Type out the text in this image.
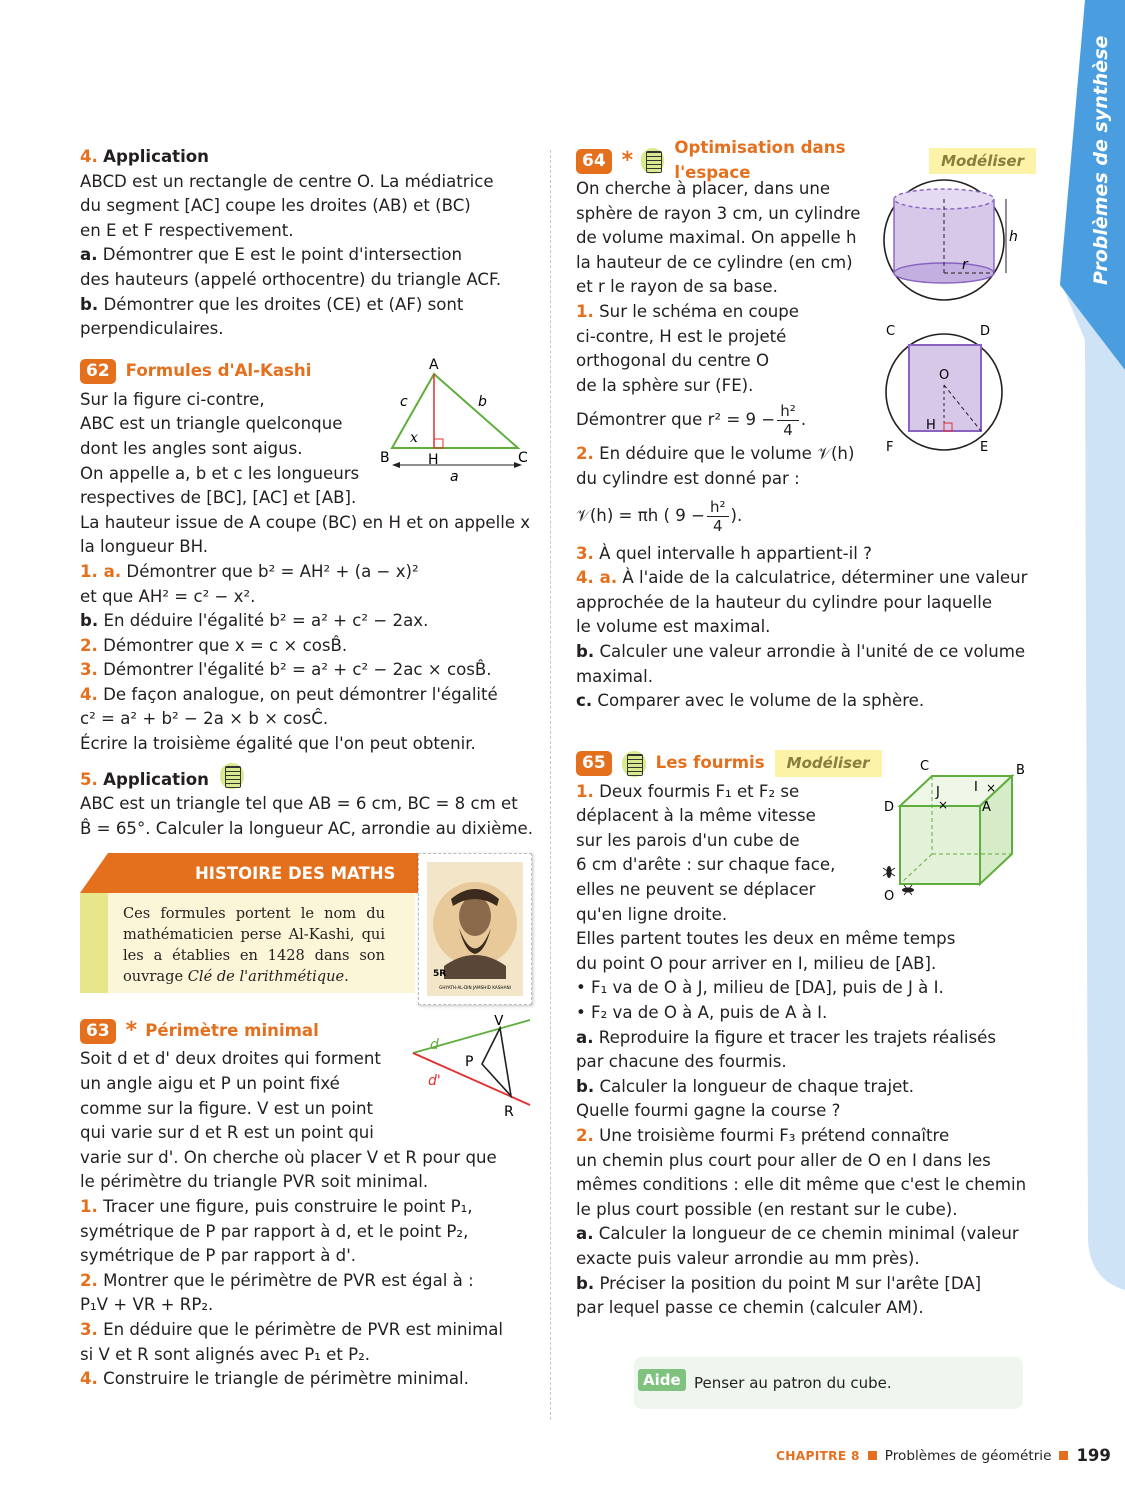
Problèmes de synthèse

4. Application

ABCD est un rectangle de centre O. La médiatrice

du segment [AC] coupe les droites (AB) et (BC)

en E et F respectivement.

a. Démontrer que E est le point d'intersection

des hauteurs (appelé orthocentre) du triangle ACF.

b. Démontrer que les droites (CE) et (AF) sont

perpendiculaires.

62 Formules d'Al-Kashi	A
B	C
H
a
b
c
x

Sur la figure ci-contre,

ABC est un triangle quelconque

dont les angles sont aigus.

On appelle a, b et c les longueurs

respectives de [BC], [AC] et [AB].

La hauteur issue de A coupe (BC) en H et on appelle x

la longueur BH.

1. a. Démontrer que b² = AH² + (a − x)²

et que AH² = c² − x².

b. En déduire l'égalité b² = a² + c² − 2ax.

2. Démontrer que x = c × cosB̂.

3. Démontrer l'égalité b² = a² + c² − 2ac × cosB̂.

4. De façon analogue, on peut démontrer l'égalité

c² = a² + b² − 2a × b × cosĈ.

Écrire la troisième égalité que l'on peut obtenir.

5. Application

ABC est un triangle tel que AB = 6 cm, BC = 8 cm et

B̂ = 65°. Calculer la longueur AC, arrondie au dixième.

HISTOIRE DES MATHS
Ces formules portent le nom du mathématicien perse Al-Kashi, qui les a établies en 1428 dans son ouvrage Clé de l'arithmétique.	5R
GHYATH-AL-DIN JAMSHID KASHANI
63 * Périmètre minimal	V
P
R
d
d'

Soit d et d' deux droites qui forment

un angle aigu et P un point fixé

comme sur la figure. V est un point

qui varie sur d et R est un point qui

varie sur d'. On cherche où placer V et R pour que

le périmètre du triangle PVR soit minimal.

1. Tracer une figure, puis construire le point P₁,

symétrique de P par rapport à d, et le point P₂,

symétrique de P par rapport à d'.

2. Montrer que le périmètre de PVR est égal à :

P₁V + VR + RP₂.

3. En déduire que le périmètre de PVR est minimal

si V et R sont alignés avec P₁ et P₂.

4. Construire le triangle de périmètre minimal.

64 *
Optimisation dans l'espace
Modéliser
h
r
C	D
O
H
F	E

On cherche à placer, dans une

sphère de rayon 3 cm, un cylindre

de volume maximal. On appelle h

la hauteur de ce cylindre (en cm)

et r le rayon de sa base.

1. Sur le schéma en coupe

ci-contre, H est le projeté

orthogonal du centre O

de la sphère sur (FE).

Démontrer que $r^2 = 9 - \frac{\text{h²}}{4}$ .

2. En déduire que le volume 𝒱(h)

du cylindre est donné par :

𝒱(h) = πh ( $9 - \frac{\text{h²}}{4}$ ).

3. À quel intervalle h appartient-il ?

4. a. À l'aide de la calculatrice, déterminer une valeur

approchée de la hauteur du cylindre pour laquelle

le volume est maximal.

b. Calculer une valeur arrondie à l'unité de ce volume

maximal.

c. Comparer avec le volume de la sphère.

65	Les fourmis	Modéliser	C	B
J	I ×
×
D	A
O

1. Deux fourmis F₁ et F₂ se

déplacent à la même vitesse

sur les parois d'un cube de

6 cm d'arête : sur chaque face,

elles ne peuvent se déplacer

qu'en ligne droite.

Elles partent toutes les deux en même temps

du point O pour arriver en I, milieu de [AB].

• F₁ va de O à J, milieu de [DA], puis de J à I.

• F₂ va de O à A, puis de A à I.

a. Reproduire la figure et tracer les trajets réalisés

par chacune des fourmis.

b. Calculer la longueur de chaque trajet.

Quelle fourmi gagne la course ?

2. Une troisième fourmi F₃ prétend connaître

un chemin plus court pour aller de O en I dans les

mêmes conditions : elle dit même que c'est le chemin

le plus court possible (en restant sur le cube).

a. Calculer la longueur de ce chemin minimal (valeur

exacte puis valeur arrondie au mm près).

b. Préciser la position du point M sur l'arête [DA]

par lequel passe ce chemin (calculer AM).

Aide Penser au patron du cube.
CHAPITRE 8 Problèmes de géométrie 199
